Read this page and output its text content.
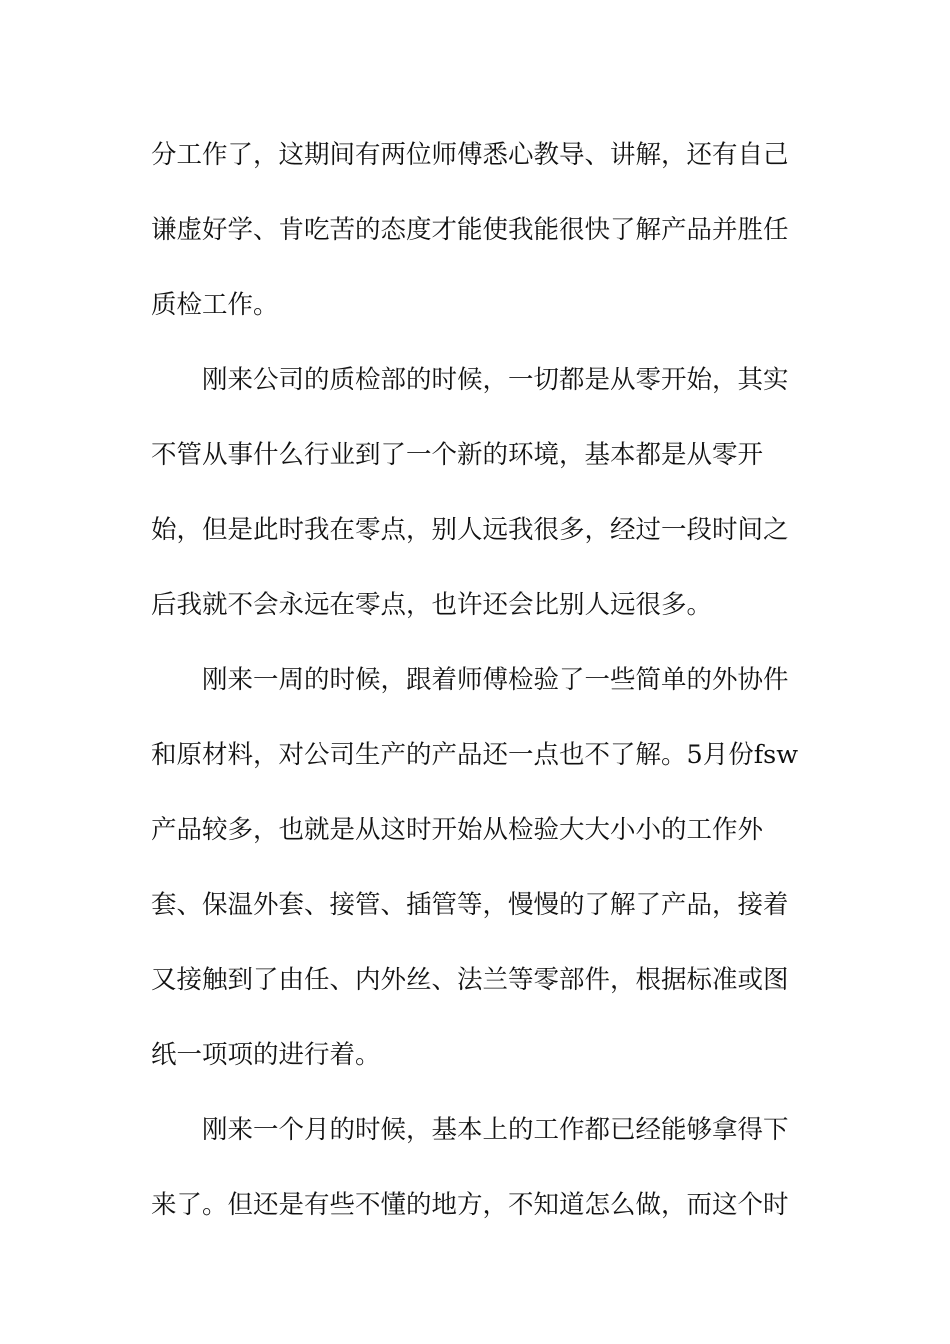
分工作了，这期间有两位师傅悉心教导、讲解，还有自己
谦虚好学、肯吃苦的态度才能使我能很快了解产品并胜任
质检工作。
刚来公司的质检部的时候，一切都是从零开始，其实
不管从事什么行业到了一个新的环境，基本都是从零开
始，但是此时我在零点，别人远我很多，经过一段时间之
后我就不会永远在零点，也许还会比别人远很多。
刚来一周的时候，跟着师傅检验了一些简单的外协件
和原材料，对公司生产的产品还一点也不了解。5月份fsw
产品较多，也就是从这时开始从检验大大小小的工作外
套、保温外套、接管、插管等，慢慢的了解了产品，接着
又接触到了由任、内外丝、法兰等零部件，根据标准或图
纸一项项的进行着。
刚来一个月的时候，基本上的工作都已经能够拿得下
来了。但还是有些不懂的地方，不知道怎么做，而这个时
